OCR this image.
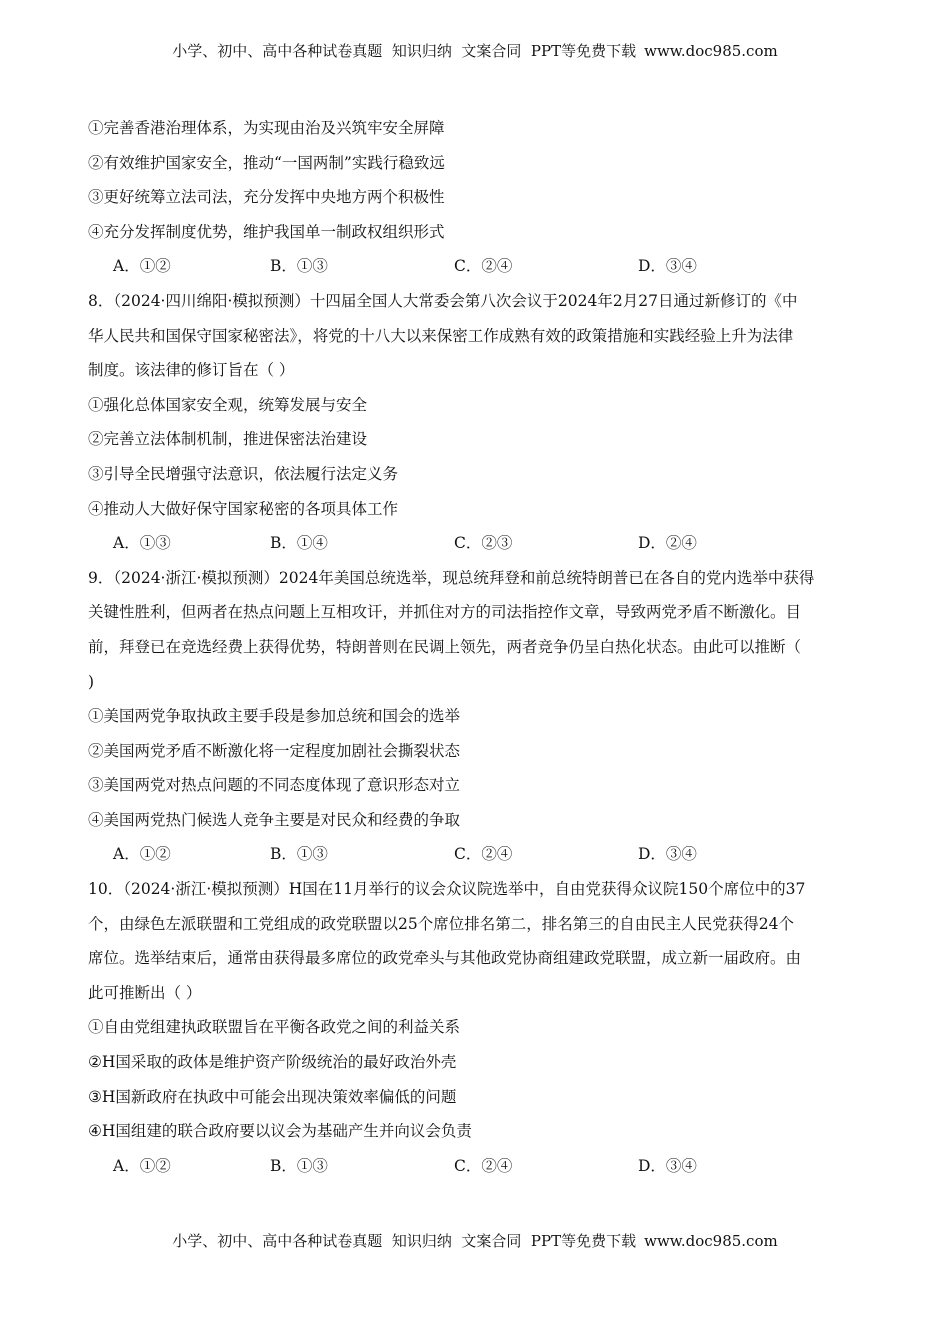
小学、初中、高中各种试卷真题  知识归纳  文案合同  PPT等免费下载 www.doc985.com
①完善香港治理体系，为实现由治及兴筑牢安全屏障
②有效维护国家安全，推动“一国两制”实践行稳致远
③更好统筹立法司法，充分发挥中央地方两个积极性
④充分发挥制度优势，维护我国单一制政权组织形式
A．①②	B．①③	C．②④	D．③④
8．（2024·四川绵阳·模拟预测）十四届全国人大常委会第八次会议于2024年2月27日通过新修订的《中
华人民共和国保守国家秘密法》，将党的十八大以来保密工作成熟有效的政策措施和实践经验上升为法律
制度。该法律的修订旨在（ ）
①强化总体国家安全观，统筹发展与安全
②完善立法体制机制，推进保密法治建设
③引导全民增强守法意识，依法履行法定义务
④推动人大做好保守国家秘密的各项具体工作
A．①③	B．①④	C．②③	D．②④
9．（2024·浙江·模拟预测）2024年美国总统选举，现总统拜登和前总统特朗普已在各自的党内选举中获得
关键性胜利，但两者在热点问题上互相攻讦，并抓住对方的司法指控作文章，导致两党矛盾不断激化。目
前，拜登已在竞选经费上获得优势，特朗普则在民调上领先，两者竞争仍呈白热化状态。由此可以推断（
)
①美国两党争取执政主要手段是参加总统和国会的选举
②美国两党矛盾不断激化将一定程度加剧社会撕裂状态
③美国两党对热点问题的不同态度体现了意识形态对立
④美国两党热门候选人竞争主要是对民众和经费的争取
A．①②	B．①③	C．②④	D．③④
10．（2024·浙江·模拟预测）H国在11月举行的议会众议院选举中，自由党获得众议院150个席位中的37
个，由绿色左派联盟和工党组成的政党联盟以25个席位排名第二，排名第三的自由民主人民党获得24个
席位。选举结束后，通常由获得最多席位的政党牵头与其他政党协商组建政党联盟，成立新一届政府。由
此可推断出（ ）
①自由党组建执政联盟旨在平衡各政党之间的利益关系
②H国采取的政体是维护资产阶级统治的最好政治外壳
③H国新政府在执政中可能会出现决策效率偏低的问题
④H国组建的联合政府要以议会为基础产生并向议会负责
A．①②	B．①③	C．②④	D．③④
小学、初中、高中各种试卷真题  知识归纳  文案合同  PPT等免费下载 www.doc985.com
